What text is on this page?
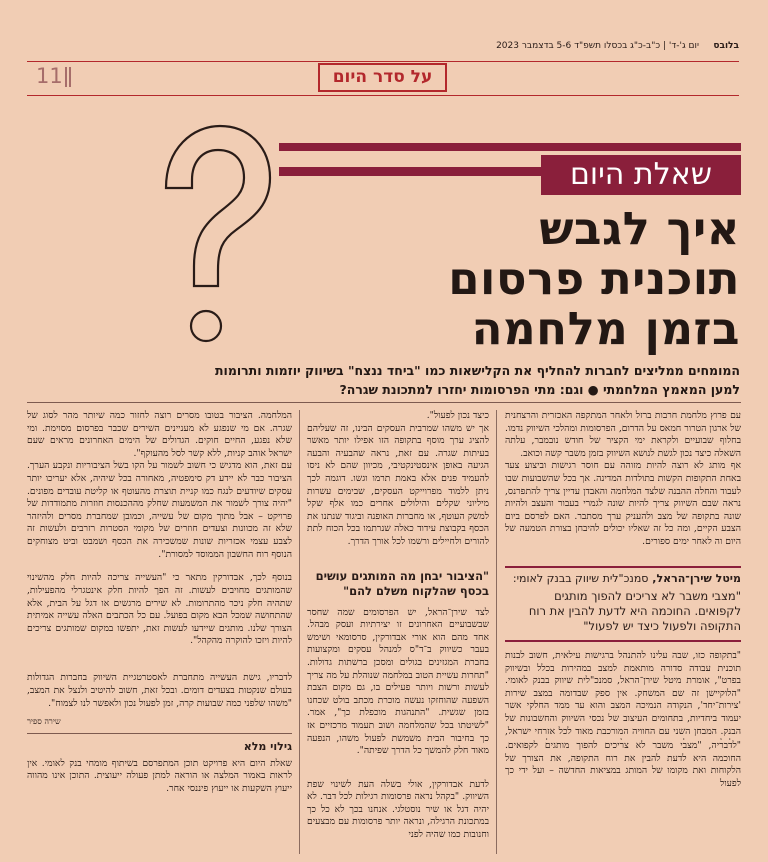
בלובס
יום ג'-ד' | כ"ב-כ"ג בכסלו תשפ"ד 5-6 בדצמבר 2023
11	על סדר היום
שאלת היום
איך לגבש
תוכנית פרסום
בזמן מלחמה
המומחים ממליצים לחברות להחליף את הקלישאות כמו "ביחד ננצח" בשיווק יוזמות ותרומות למען המאמץ המלחמתי ● וגם: מתי הפרסומות יחזרו למתכונת שגרה?

עם פרוץ מלחמת חרבות ברזל ולאחר המתקפה האכזרית והרצחנית של ארגון הטרור חמאס על הדרום, הפרסומות ומהלכי השיווק נדמו. בחלוף שבועיים ולקראת ימי הקציר של חודש נובמבר, עלתה השאלה כיצד נכון לגשת לנושא השיווק בזמן משבר קשה וכואב.

אף מותג לא רוצה להיות מזוהה עם חוסר רגישות וביצוע צעד באחת התקופות הקשות בתולדות המדינה. אך בכל שהשבועות שבו לעבוד והחלה ההבנה שלצד המלחמה והאבדן עדיין צריך להתפרנס, נראה שבם השיווק צריך להיות שונה לגמרי בעבור והעצב ולהיות שונה בתקופה של מצב ולהעניק ערך מסתבר. האם לפרסם ביום הצבע הקיים, ומה כל זה שאליו יכולים להיבחן בצורת הטמעה של היום וה לאחר ימים ספורים.

מיטל שירן־הראל, סמנכ"לית שיווק בבנק לאומי:
"מצבי משבר לא צריכים להפוך מותגים לקפואים. החוכמה היא לדעת להבין את רוח התקופה ולפעול כיצד יש לפעול"

"בתקופה כזו, שבה עלינו להתנהל ברגישות עילאית, חשוב לבנות תוכנית עבודה סדורה מותאמת למצב במהירות בכלל ובשיווק בפרט", אומרת מיטל שירן־הראל, סמנכ"לית שיווק בבנק לאומי. "הלוקיישן זה שם המשחק. אין ספק שבדומה במצב שירות 'צירות־יחד', הנקודה הנמיכה המצב והוא עד ממד החלקי אשר יעמוד ביחדיות, בתחומים העיצוב של נכסי השיווק והחשבונות של הבנק. המבחן השני עם החוויה המורכבת מאוד לכל אזרחי ישראל,

"לדבריה, "מצבי משבר לא צריכים להפוך מותגים לקפואים. החוכמה היא לדעת להבין את רוח התקופה, את הצורך של הלקוחות ואת מקומו של המותג במציאות החדשה – ועל ידי כך לפעול

כיצד נכון לפעול".

אך יש משהו שמרבית העסקים הבינו, זה שעליהם להציג ערך מוסף בתקופה הזו אפילו יותר מאשר בעיתות שגרה. עם זאת, נראה שהבעיה והבעה הגיעה באופן אינסטינקטיבי, מכיוון שהם לא ניסו להעמיד פנים אלא באמת תרמו וגשו. דוגמה לכך ניתן ללמוד מפרוייקט העסקים, שבימים עשרות מיליוני שקלים והילולים אחרים כמו אלף שקל למשק העוטף, או מחברות האופנה וביגוד שנתנו את הכסף בקבוצת עידוד כאלה שנרתמו בכל הכוח לתת להורים ולחיילים ורשמו לכל אורך הדרך.

"הציבור יבחן מה המותגים עושים בכסף שהלקוח משלם להם"

לצד שירן־הראל, יש הפרסומים שמה שחסר שבשבועיים האחרונים זו יצירתיות ועסק מבהל. אחד מהם הוא אורי אבדורקין, סרסומאי ושימש בעבר כשיווק ב־ד"ס למנהל עסקים ומקצועות בחברת המגזינים בגולים ומסכן ברשתות גדולות. "תחרות עשיית הטוב במלחמה שנוהלת על מה צריך לעשות ורשות ויותר פעילים בו, גם מקום הצבת השפעה שהוחזקו נעשה מוכרת מכתב בולט שכחנו בזמן שגשית. "התנהגות מוכפלת כך", אמר. "לשיטתו בכל שהמלחמה ושוב תעמוד מרכזיים אז כך בחיבור הבית משמשת לפעול משהו, הנפעה מאוד חלק להמשך כל הדרך שפיתה".

לדעת אבדורקין, אולי בשלה העת לשינוי שפת השיווק. "בקהל נראה פרסומות רגילות לכל דבר. לא יהיה דגל או שיר נוסטלגי. אנחנו בכך לא כל כך במתכונת הרגילה, ונראה יותר פרסומות עם מבצעים וחנובות כמו שהיה לפני

המלחמה. הציבור בטובו מסרים רוצה לחזור כמה שיותר מהר לסוג של שגרה. אם מי שנפגע לא מעניינים השירים שכבר בפרסום מסוימת. ומי שלא נפגע, החיים חוקים. הגדולים של הימים האחרונים מראים שעם ישראל אוהב קניות, ללא קשר לסל מהעוקף".

עם זאת, הוא מדגיש כי חשוב לשמור על הקו בשל הציבוריות ונקבע הערך. הציבור כבר לא יידע דק סימפטיה, מאחורה בכל שיהיה, אלא יעריכו יותר עסקים שיודעים לנגח כמו קניית תוצרת מהעוטף או קליטת עובדים מפונים. "יהיה צורך לשמור את המשמעות שחלק מההכנסות חוזרות מתמודדות של פרויקט – אבל מתוך מקום של עשייה, וכמובן שמחברת מסרים ולהיזהר שלא זה מכוונות וצעדים חוזרים של מקומי הסטרות רזרבים ולעשות זה לצבע עצמי אכזריות שונות שמשכירה את הכסף ושמבט וביט מצוחקים הנוסף רוח החשבון הממוסד למסורת".

בנוסף לכך, אבדורקין מתאר כי "העשייה צריכה להיות חלק מהשינוי שהמותגים מחויבים לעשות. זה הפך להיות חלק אינטגרלי מהפעילות, שתהיה חלק ניכר מהתרומות. לא שירים מרגשים או דגל על הבית, אלא שהתחושה שמכל הבא מקום בפועל. עם כל הכתבים האלה עשייה אמיתית הצורך שלנו. מותגים שיידעו לעשות זאת, יתפשו במקום שמותגים צריכים להיות ויזכו להוקרה מהקהל".

לדבריו, גישת העשייה מתחברת לאסטרטגיית השיווק בחברות הגדולות בעולם שנקטות בצעדים דומים. ובכל זאת, חשוב להיטיב ולנצל את המצב, "משהו שלפני כמה שבועות קרה, זמן לפעול נכון ולאפשר לנו לצמוח".

שירה ספיר
גילוי מלא

שאלת היום היא פרויקט תוכן המתפרסם בשיתוף מומחי בנק לאומי. אין לראות באמור המלצה או הוראה למתן פעולה ייעוצית. התוכן אינו מהווה ייעוץ השקעות או ייעוץ פיננסי אחר.
